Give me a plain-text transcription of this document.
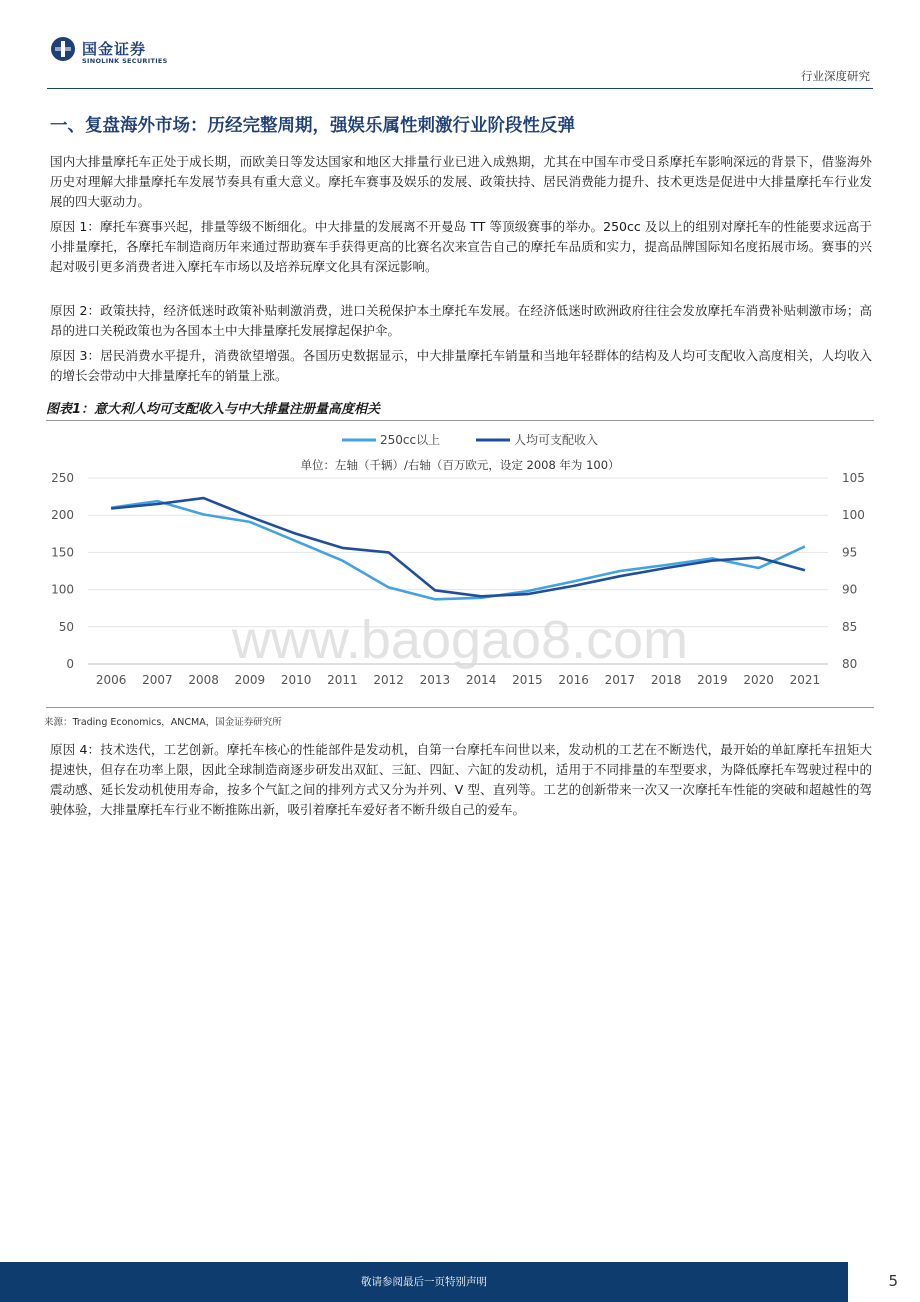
国金证券
SINOLINK SECURITIES
行业深度研究
一、复盘海外市场：历经完整周期，强娱乐属性刺激行业阶段性反弹

国内大排量摩托车正处于成长期，而欧美日等发达国家和地区大排量行业已进入成熟期，尤其在中国车市受日系摩托车影响深远的背景下，借鉴海外历史对理解大排量摩托车发展节奏具有重大意义。摩托车赛事及娱乐的发展、政策扶持、居民消费能力提升、技术更迭是促进中大排量摩托车行业发展的四大驱动力。

原因 1：摩托车赛事兴起，排量等级不断细化。中大排量的发展离不开曼岛 TT 等顶级赛事的举办。250cc 及以上的组别对摩托车的性能要求远高于小排量摩托，各摩托车制造商历年来通过帮助赛车手获得更高的比赛名次来宣告自己的摩托车品质和实力，提高品牌国际知名度拓展市场。赛事的兴起对吸引更多消费者进入摩托车市场以及培养玩摩文化具有深远影响。

原因 2：政策扶持，经济低迷时政策补贴刺激消费，进口关税保护本土摩托车发展。在经济低迷时欧洲政府往往会发放摩托车消费补贴刺激市场；高昂的进口关税政策也为各国本土中大排量摩托发展撑起保护伞。

原因 3：居民消费水平提升，消费欲望增强。各国历史数据显示，中大排量摩托车销量和当地年轻群体的结构及人均可支配收入高度相关，人均收入的增长会带动中大排量摩托车的销量上涨。

图表1：意大利人均可支配收入与中大排量注册量高度相关
www.baogao8.com
0
50
100
150
200
250
80
85
90
95
100
105
2006 2007 2008 2009 2010 2011 2012 2013 2014 2015 2016 2017 2018 2019 2020 2021
250cc以上	人均可支配收入
单位：左轴（千辆）/右轴（百万欧元，设定 2008 年为 100）
来源：Trading Economics，ANCMA，国金证券研究所

原因 4：技术迭代，工艺创新。摩托车核心的性能部件是发动机，自第一台摩托车问世以来，发动机的工艺在不断迭代，最开始的单缸摩托车扭矩大提速快，但存在功率上限，因此全球制造商逐步研发出双缸、三缸、四缸、六缸的发动机，适用于不同排量的车型要求，为降低摩托车驾驶过程中的震动感、延长发动机使用寿命，按多个气缸之间的排列方式又分为并列、V 型、直列等。工艺的创新带来一次又一次摩托车性能的突破和超越性的驾驶体验，大排量摩托车行业不断推陈出新，吸引着摩托车爱好者不断升级自己的爱车。

敬请参阅最后一页特别声明	5
